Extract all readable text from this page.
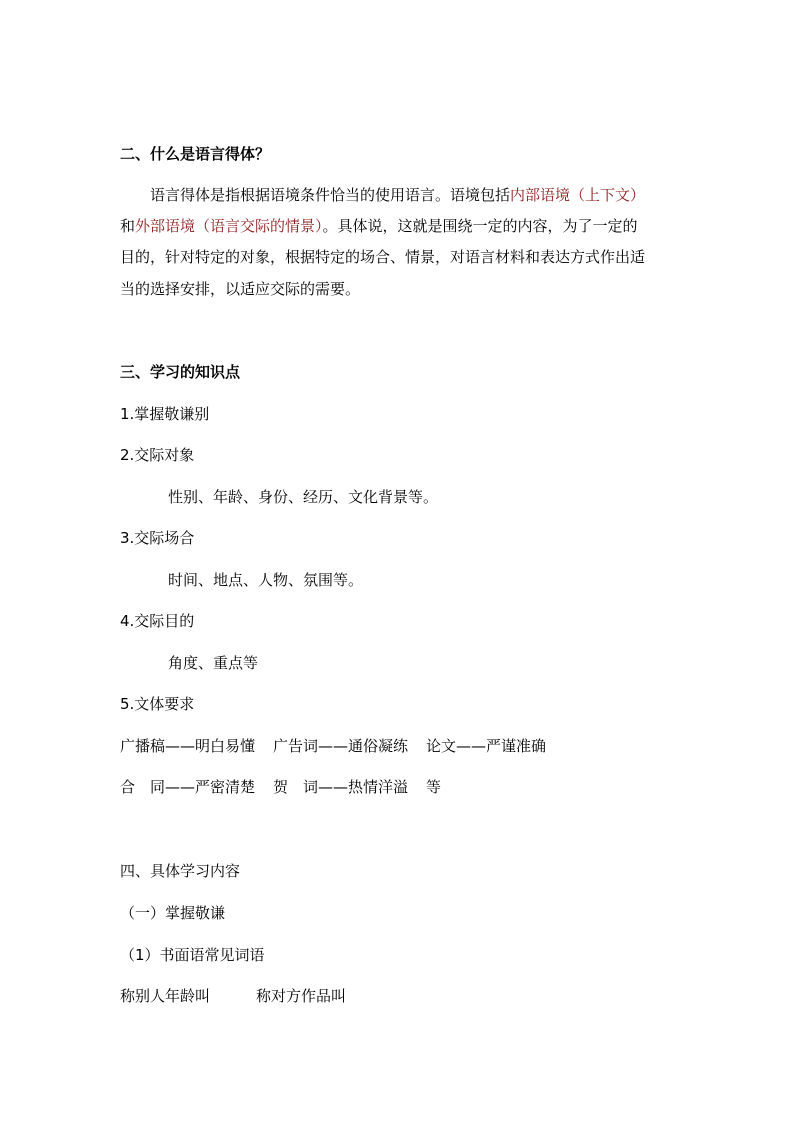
二、什么是语言得体？
语言得体是指根据语境条件恰当的使用语言。语境包括内部语境（上下文）
和外部语境（语言交际的情景）。具体说，这就是围绕一定的内容，为了一定的
目的，针对特定的对象，根据特定的场合、情景，对语言材料和表达方式作出适
当的选择安排，以适应交际的需要。
三、学习的知识点
1.掌握敬谦别
2.交际对象
性别、年龄、身份、经历、文化背景等。
3.交际场合
时间、地点、人物、氛围等。
4.交际目的
角度、重点等
5.文体要求
广播稿——明白易懂 广告词——通俗凝练 论文——严谨准确
合　同——严密清楚 贺　词——热情洋溢 等
四、具体学习内容
（一）掌握敬谦
（1）书面语常见词语
称别人年龄叫	称对方作品叫
